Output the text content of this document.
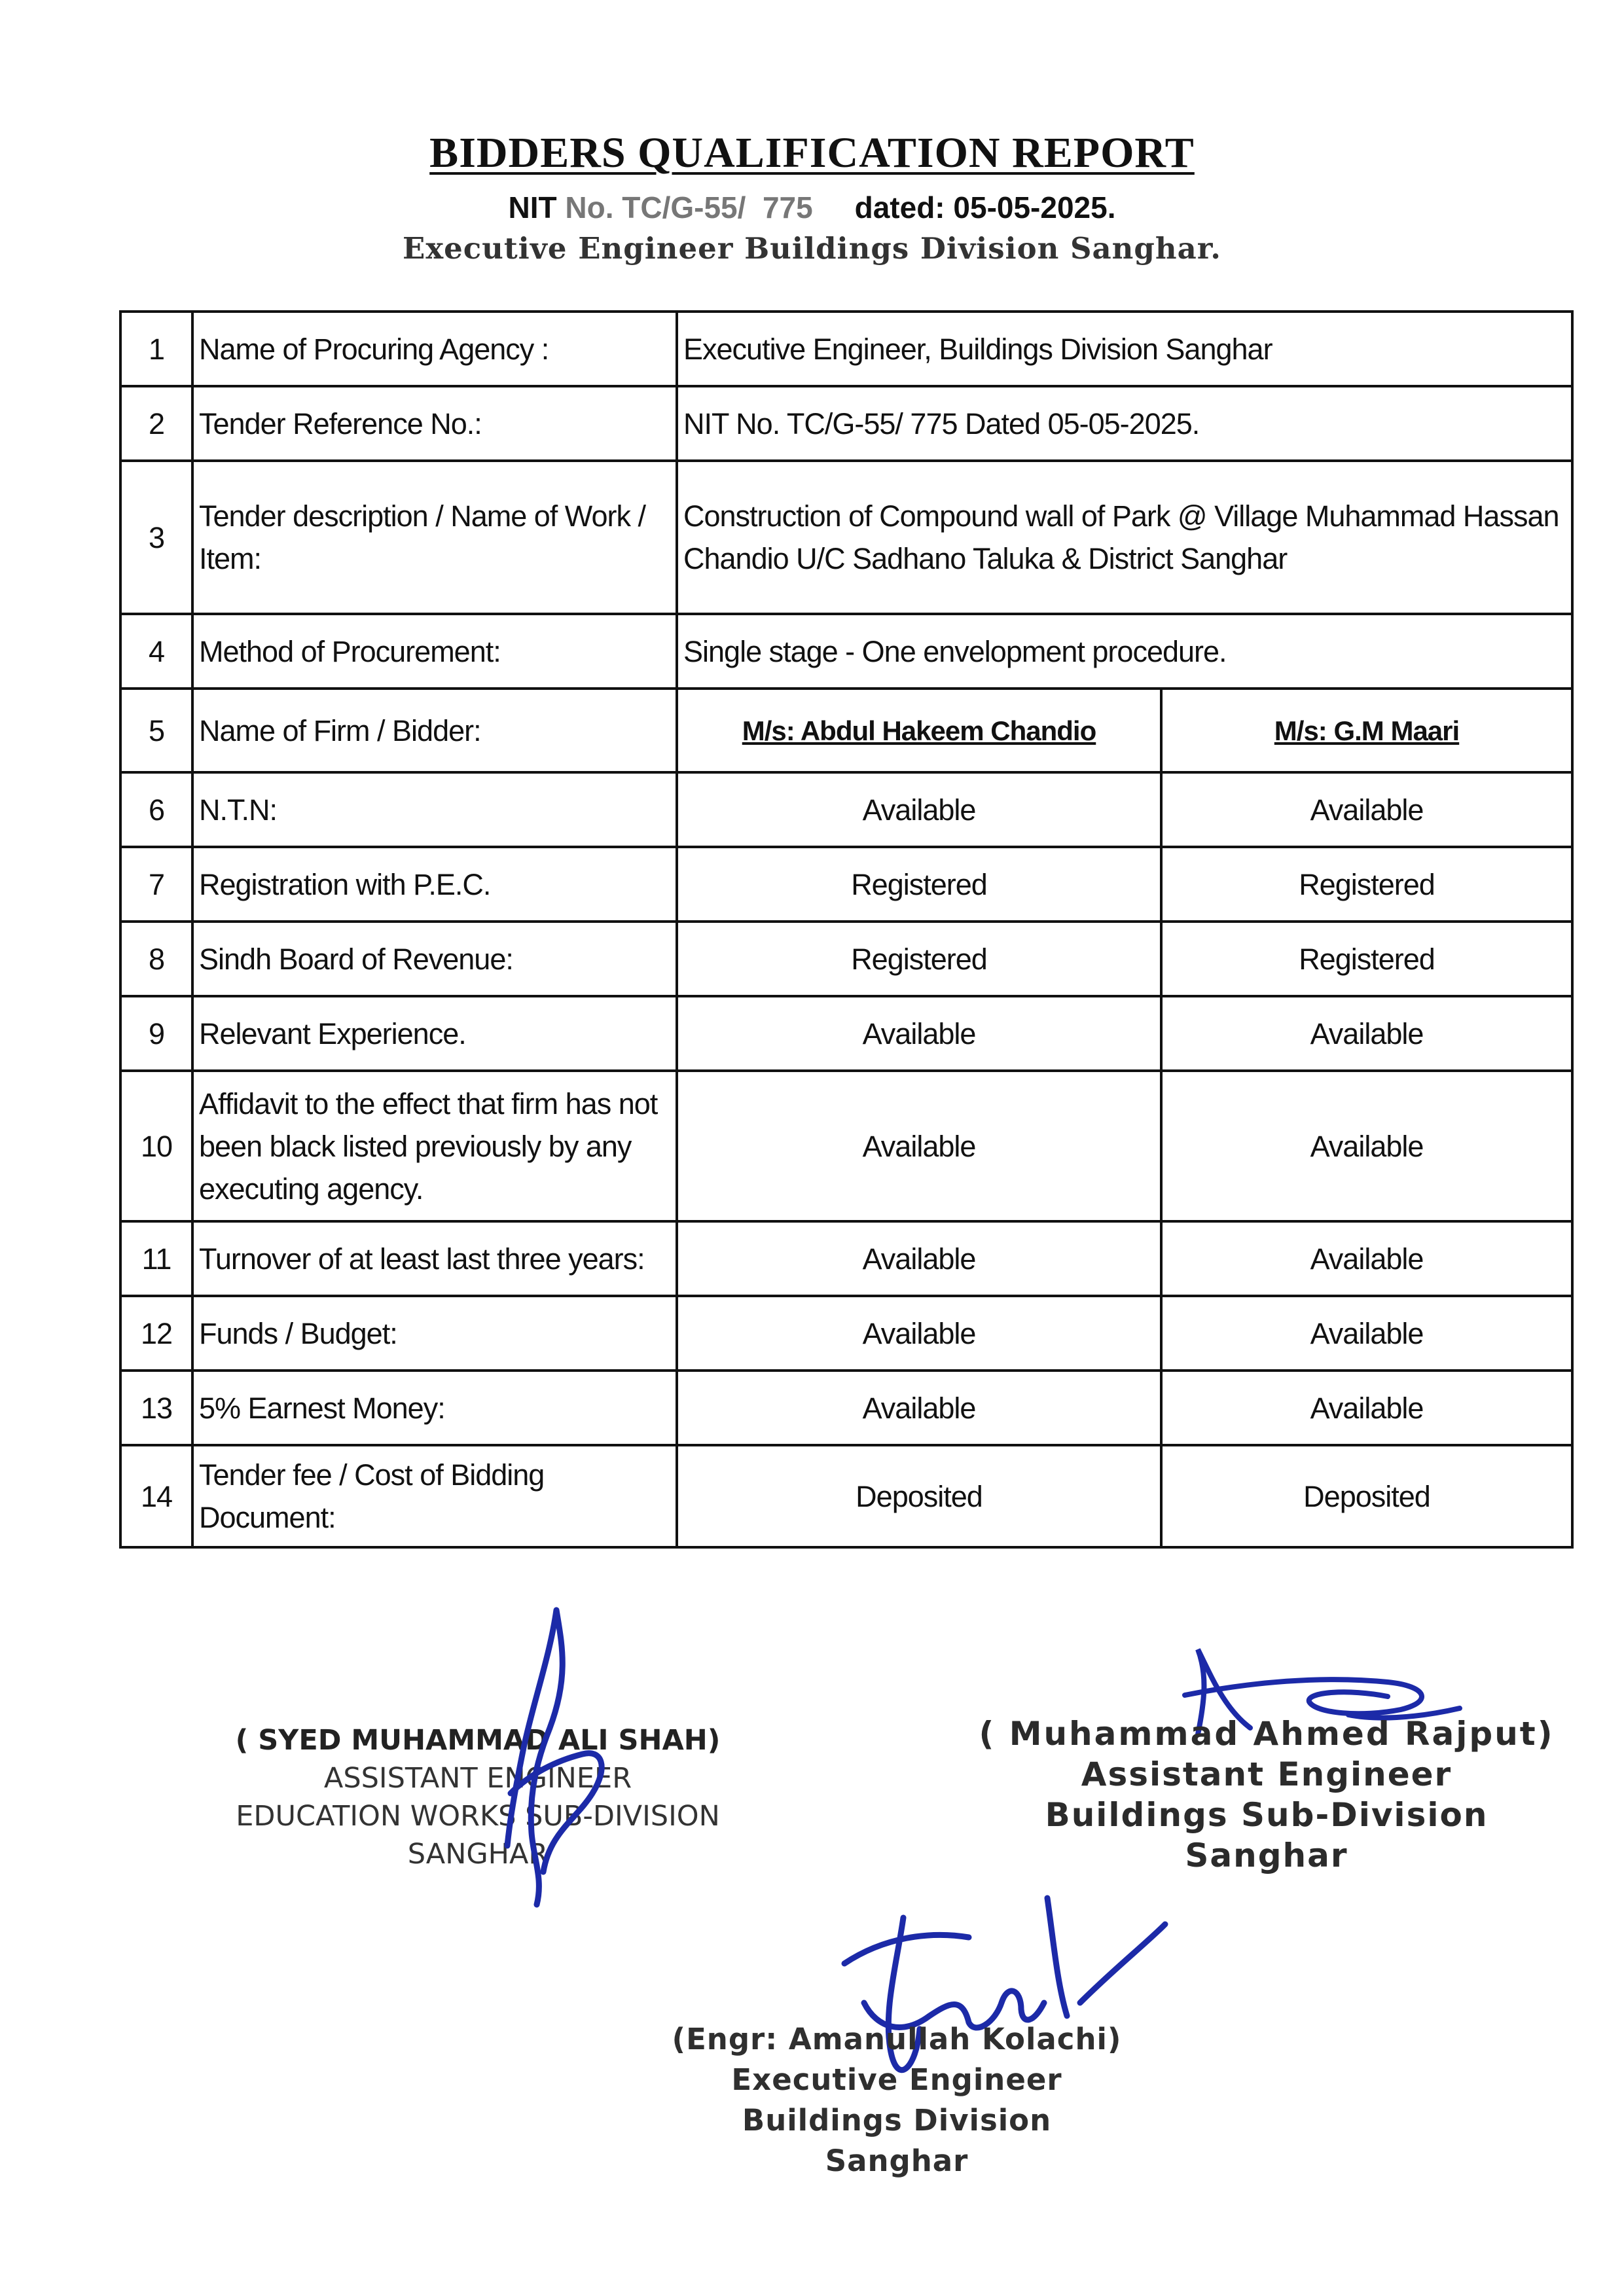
BIDDERS QUALIFICATION REPORT
NIT No. TC/G-55/  775 dated: 05-05-2025.
Executive Engineer Buildings Division Sanghar.
1	Name of Procuring Agency :	Executive Engineer, Buildings Division Sanghar	
2	Tender Reference No.:	NIT No. TC/G-55/ 775 Dated 05-05-2025.	
3	Tender description / Name of Work / Item:	Construction of Compound wall of Park @ Village Muhammad Hassan Chandio U/C Sadhano Taluka & District Sanghar	
4	Method of Procurement:	Single stage - One envelopment procedure.	
5	Name of Firm / Bidder:	M/s: Abdul Hakeem Chandio	M/s: G.M Maari
6	N.T.N:	Available	Available
7	Registration with P.E.C.	Registered	Registered
8	Sindh Board of Revenue:	Registered	Registered
9	Relevant Experience.	Available	Available
10	Affidavit to the effect that firm has not been black listed previously by any executing agency.	Available	Available
11	Turnover of at least last three years:	Available	Available
12	Funds / Budget:	Available	Available
13	5% Earnest Money:	Available	Available
14	Tender fee / Cost of Bidding Document:	Deposited	Deposited
( SYED MUHAMMAD ALI SHAH)
ASSISTANT ENGINEER
EDUCATION WORKS SUB-DIVISION
SANGHAR
( Muhammad Ahmed Rajput)
Assistant Engineer
Buildings Sub-Division
Sanghar
(Engr: Amanullah Kolachi)
Executive Engineer
Buildings Division
Sanghar
